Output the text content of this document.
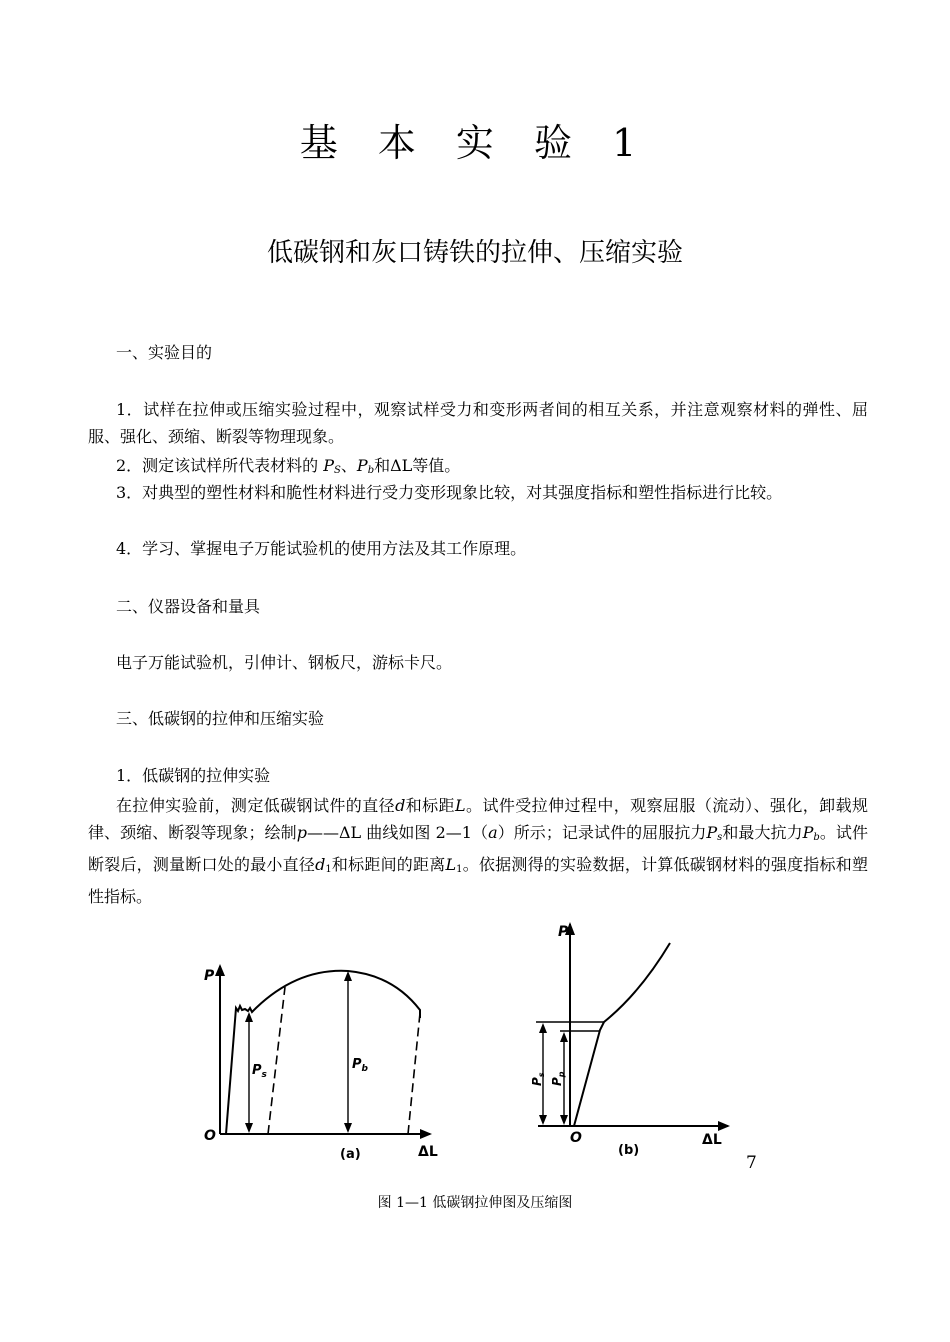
基 本 实 验 1
低碳钢和灰口铸铁的拉伸、压缩实验
一、实验目的
1．试样在拉伸或压缩实验过程中，观察试样受力和变形两者间的相互关系，并注意观察材料的弹性、屈服、强化、颈缩、断裂等物理现象。
2．测定该试样所代表材料的 $P_S$、$P_b$和ΔL等值。
3．对典型的塑性材料和脆性材料进行受力变形现象比较，对其强度指标和塑性指标进行比较。
4．学习、掌握电子万能试验机的使用方法及其工作原理。
二、仪器设备和量具
电子万能试验机，引伸计、钢板尺，游标卡尺。
三、低碳钢的拉伸和压缩实验
1．低碳钢的拉伸实验
在拉伸实验前，测定低碳钢试件的直径d和标距L。试件受拉伸过程中，观察屈服（流动）、强化，卸载规律、颈缩、断裂等现象；绘制p——ΔL 曲线如图 2—1（a）所示；记录试件的屈服抗力$P_s$和最大抗力$P_b$。试件断裂后，测量断口处的最小直径$d_1$和标距间的距离$L_1$。依据测得的实验数据，计算低碳钢材料的强度指标和塑性指标。
P
O
ΔL
$P_s$
$P_b$
(a)
P
O	ΔL
$P_s$
$P_p$
(b)
7
图 1—1 低碳钢拉伸图及压缩图
